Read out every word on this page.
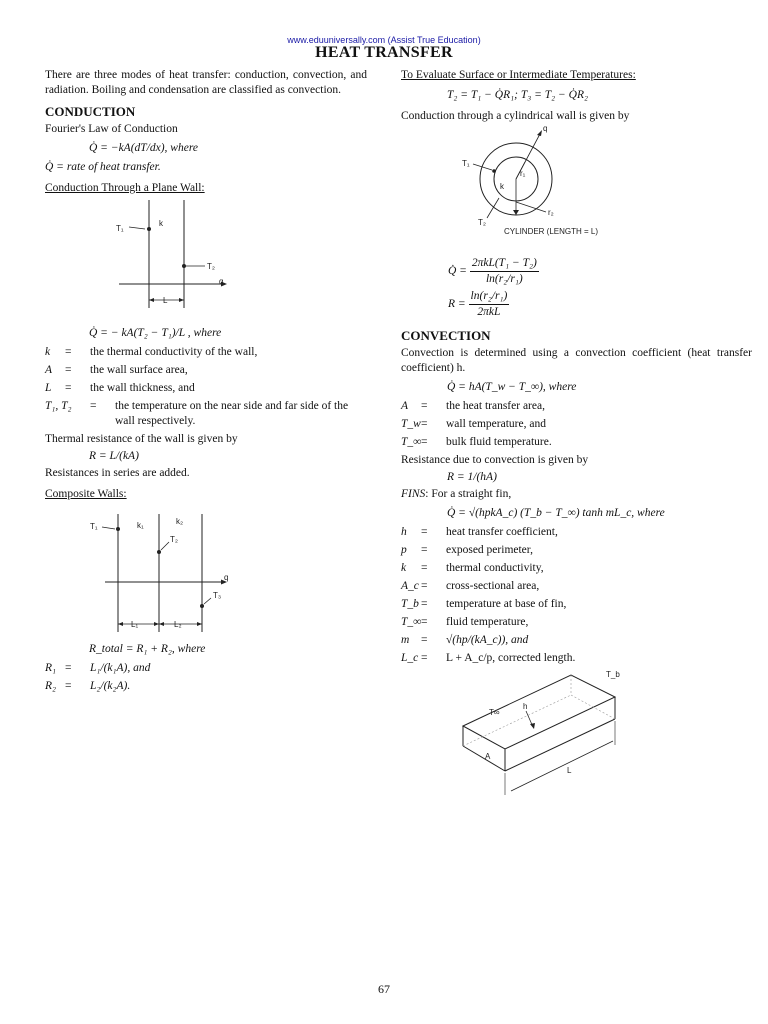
www.eduuniversally.com (Assist True Education)
HEAT TRANSFER
There are three modes of heat transfer: conduction, convection, and radiation. Boiling and condensation are classified as convection.
CONDUCTION
Fourier's Law of Conduction
Q̇ = −kA(dT/dx), where
Q̇ = rate of heat transfer.
Conduction Through a Plane Wall:
T₁
k
T₂
q
L
Q̇ = − kA(T₂ − T₁)/L , where
k	=	the thermal conductivity of the wall,
A	=	the wall surface area,
L	=	the wall thickness, and
T₁, T₂	=	the temperature on the near side and far side of the wall respectively.
Thermal resistance of the wall is given by
R = L/(kA)
Resistances in series are added.
Composite Walls:
T₁	k₁	k₂
T₂
T₃
q
L₁	L₂
R_total = R₁ + R₂, where
R₁ =	L₁/(k₁A), and
R₂ =	L₂/(k₂A).
To Evaluate Surface or Intermediate Temperatures:
T₂ = T₁ − Q̇R₁; T₃ = T₂ − Q̇R₂
Conduction through a cylindrical wall is given by
q
T₁
r₁
k
r₂
T₂
CYLINDER (LENGTH = L)
Q̇ = $\frac{\text{2πkL(T₁ − T₂)}}{\text{ln(r₂/r₁)}}$
$R = \frac{\text{ln(r₂/r₁)}}{\text{2πkL}}$
CONVECTION
Convection is determined using a convection coefficient (heat transfer coefficient) h.
Q̇ = hA(T_w − T_∞), where
A	=	the heat transfer area,
T_w =	wall temperature, and
T_∞ =	bulk fluid temperature.
Resistance due to convection is given by
R = 1/(hA)
FINS: For a straight fin,
Q̇ = √(hpkA_c) (T_b − T_∞) tanh mL_c, where
h	=	heat transfer coefficient,
p	=	exposed perimeter,
k	=	thermal conductivity,
A_c =	cross-sectional area,
T_b =	temperature at base of fin,
T_∞ =	fluid temperature,
m	=	√(hp/(kA_c)), and
L_c =	L + A_c/p, corrected length.
T_b
h
T∞
A
L
67
